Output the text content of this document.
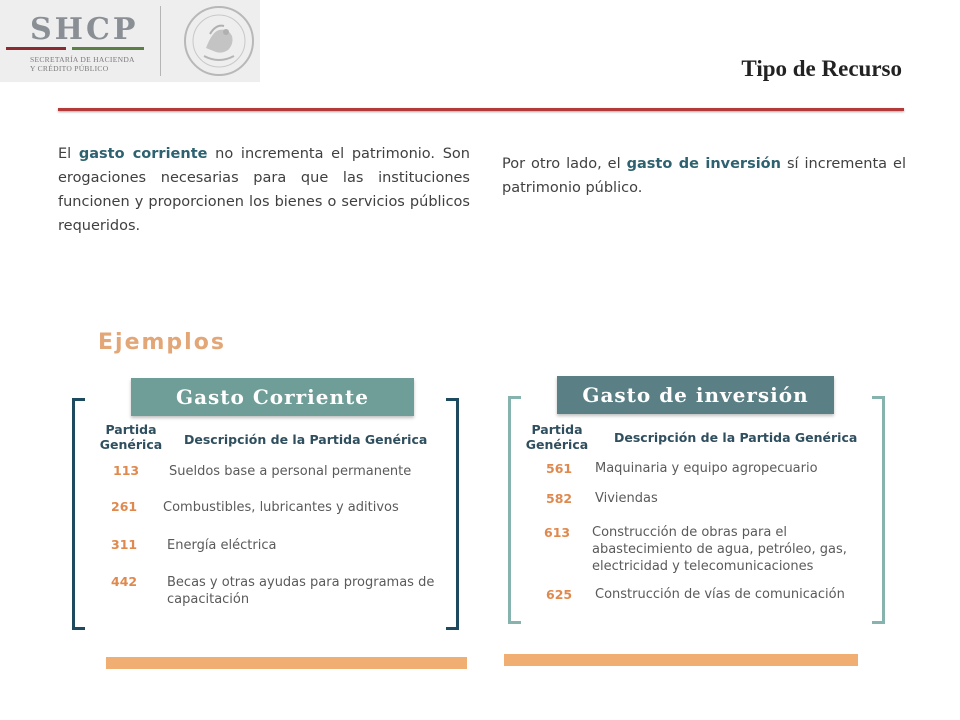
SHCP
SECRETARÍA DE HACIENDA
Y CRÉDITO PÚBLICO	Tipo de Recurso
El gasto corriente no incrementa el patrimonio. Son erogaciones necesarias para que las instituciones funcionen y proporcionen los bienes o servicios públicos requeridos.
Por otro lado, el gasto de inversión sí incrementa el patrimonio público.
Ejemplos
Gasto Corriente
Partida Genérica	Descripción de la Partida Genérica
113 Sueldos base a personal permanente
261 Combustibles, lubricantes y aditivos
311 Energía eléctrica
442 Becas y otras ayudas para programas de capacitación
Gasto de inversión
Partida Genérica	Descripción de la Partida Genérica
561 Maquinaria y equipo agropecuario
582 Viviendas
613 Construcción de obras para el abastecimiento de agua, petróleo, gas, electricidad y telecomunicaciones
625 Construcción de vías de comunicación
